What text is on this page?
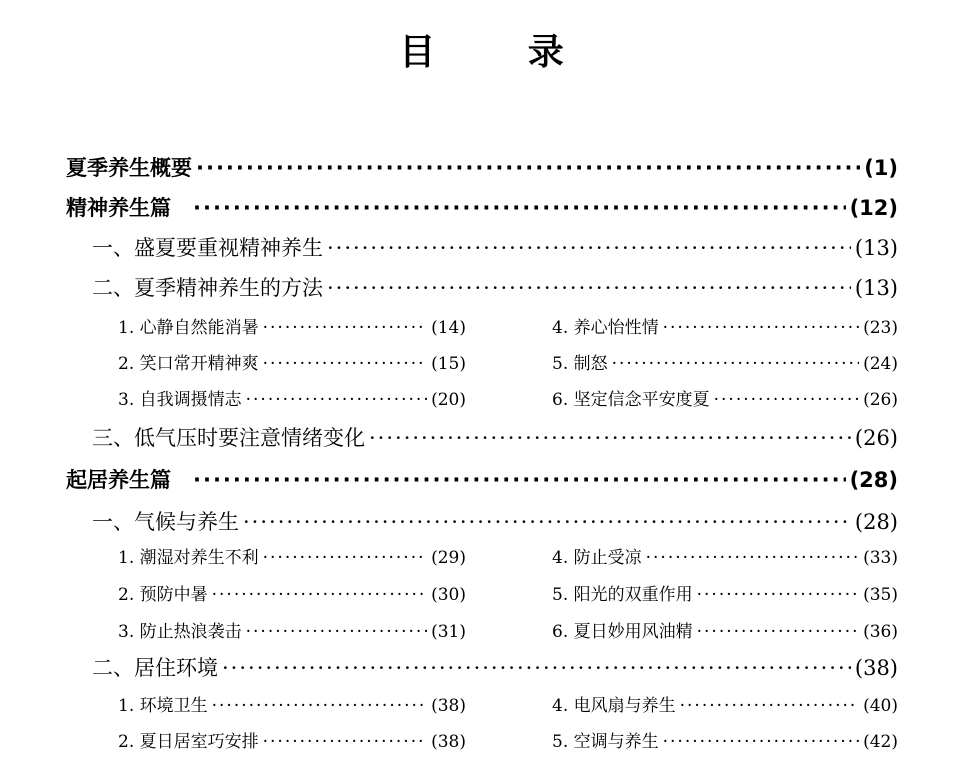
目 录
夏季养生概要 ·····	(1)
精神养生篇 ·····	(12)
一、盛夏要重视精神养生 ·····	(13)
二、夏季精神养生的方法 ·····	(13)
1. 心静自然能消暑 ·····	(14)	4. 养心怡性情 ·····	(23)
2. 笑口常开精神爽 ·····	(15)	5. 制怒 ·····	(24)
3. 自我调摄情志 ·····	(20)	6. 坚定信念平安度夏 ·····	(26)
三、低气压时要注意情绪变化 ·····	(26)
起居养生篇 ·····	(28)
一、气候与养生 ·····	(28)
1. 潮湿对养生不利 ·····	(29)	4. 防止受凉 ·····	(33)
2. 预防中暑 ·····	(30)	5. 阳光的双重作用 ·····	(35)
3. 防止热浪袭击 ·····	(31)	6. 夏日妙用风油精 ·····	(36)
二、居住环境 ·····	(38)
1. 环境卫生 ·····	(38)	4. 电风扇与养生 ·····	(40)
2. 夏日居室巧安排 ·····	(38)	5. 空调与养生 ·····	(42)
